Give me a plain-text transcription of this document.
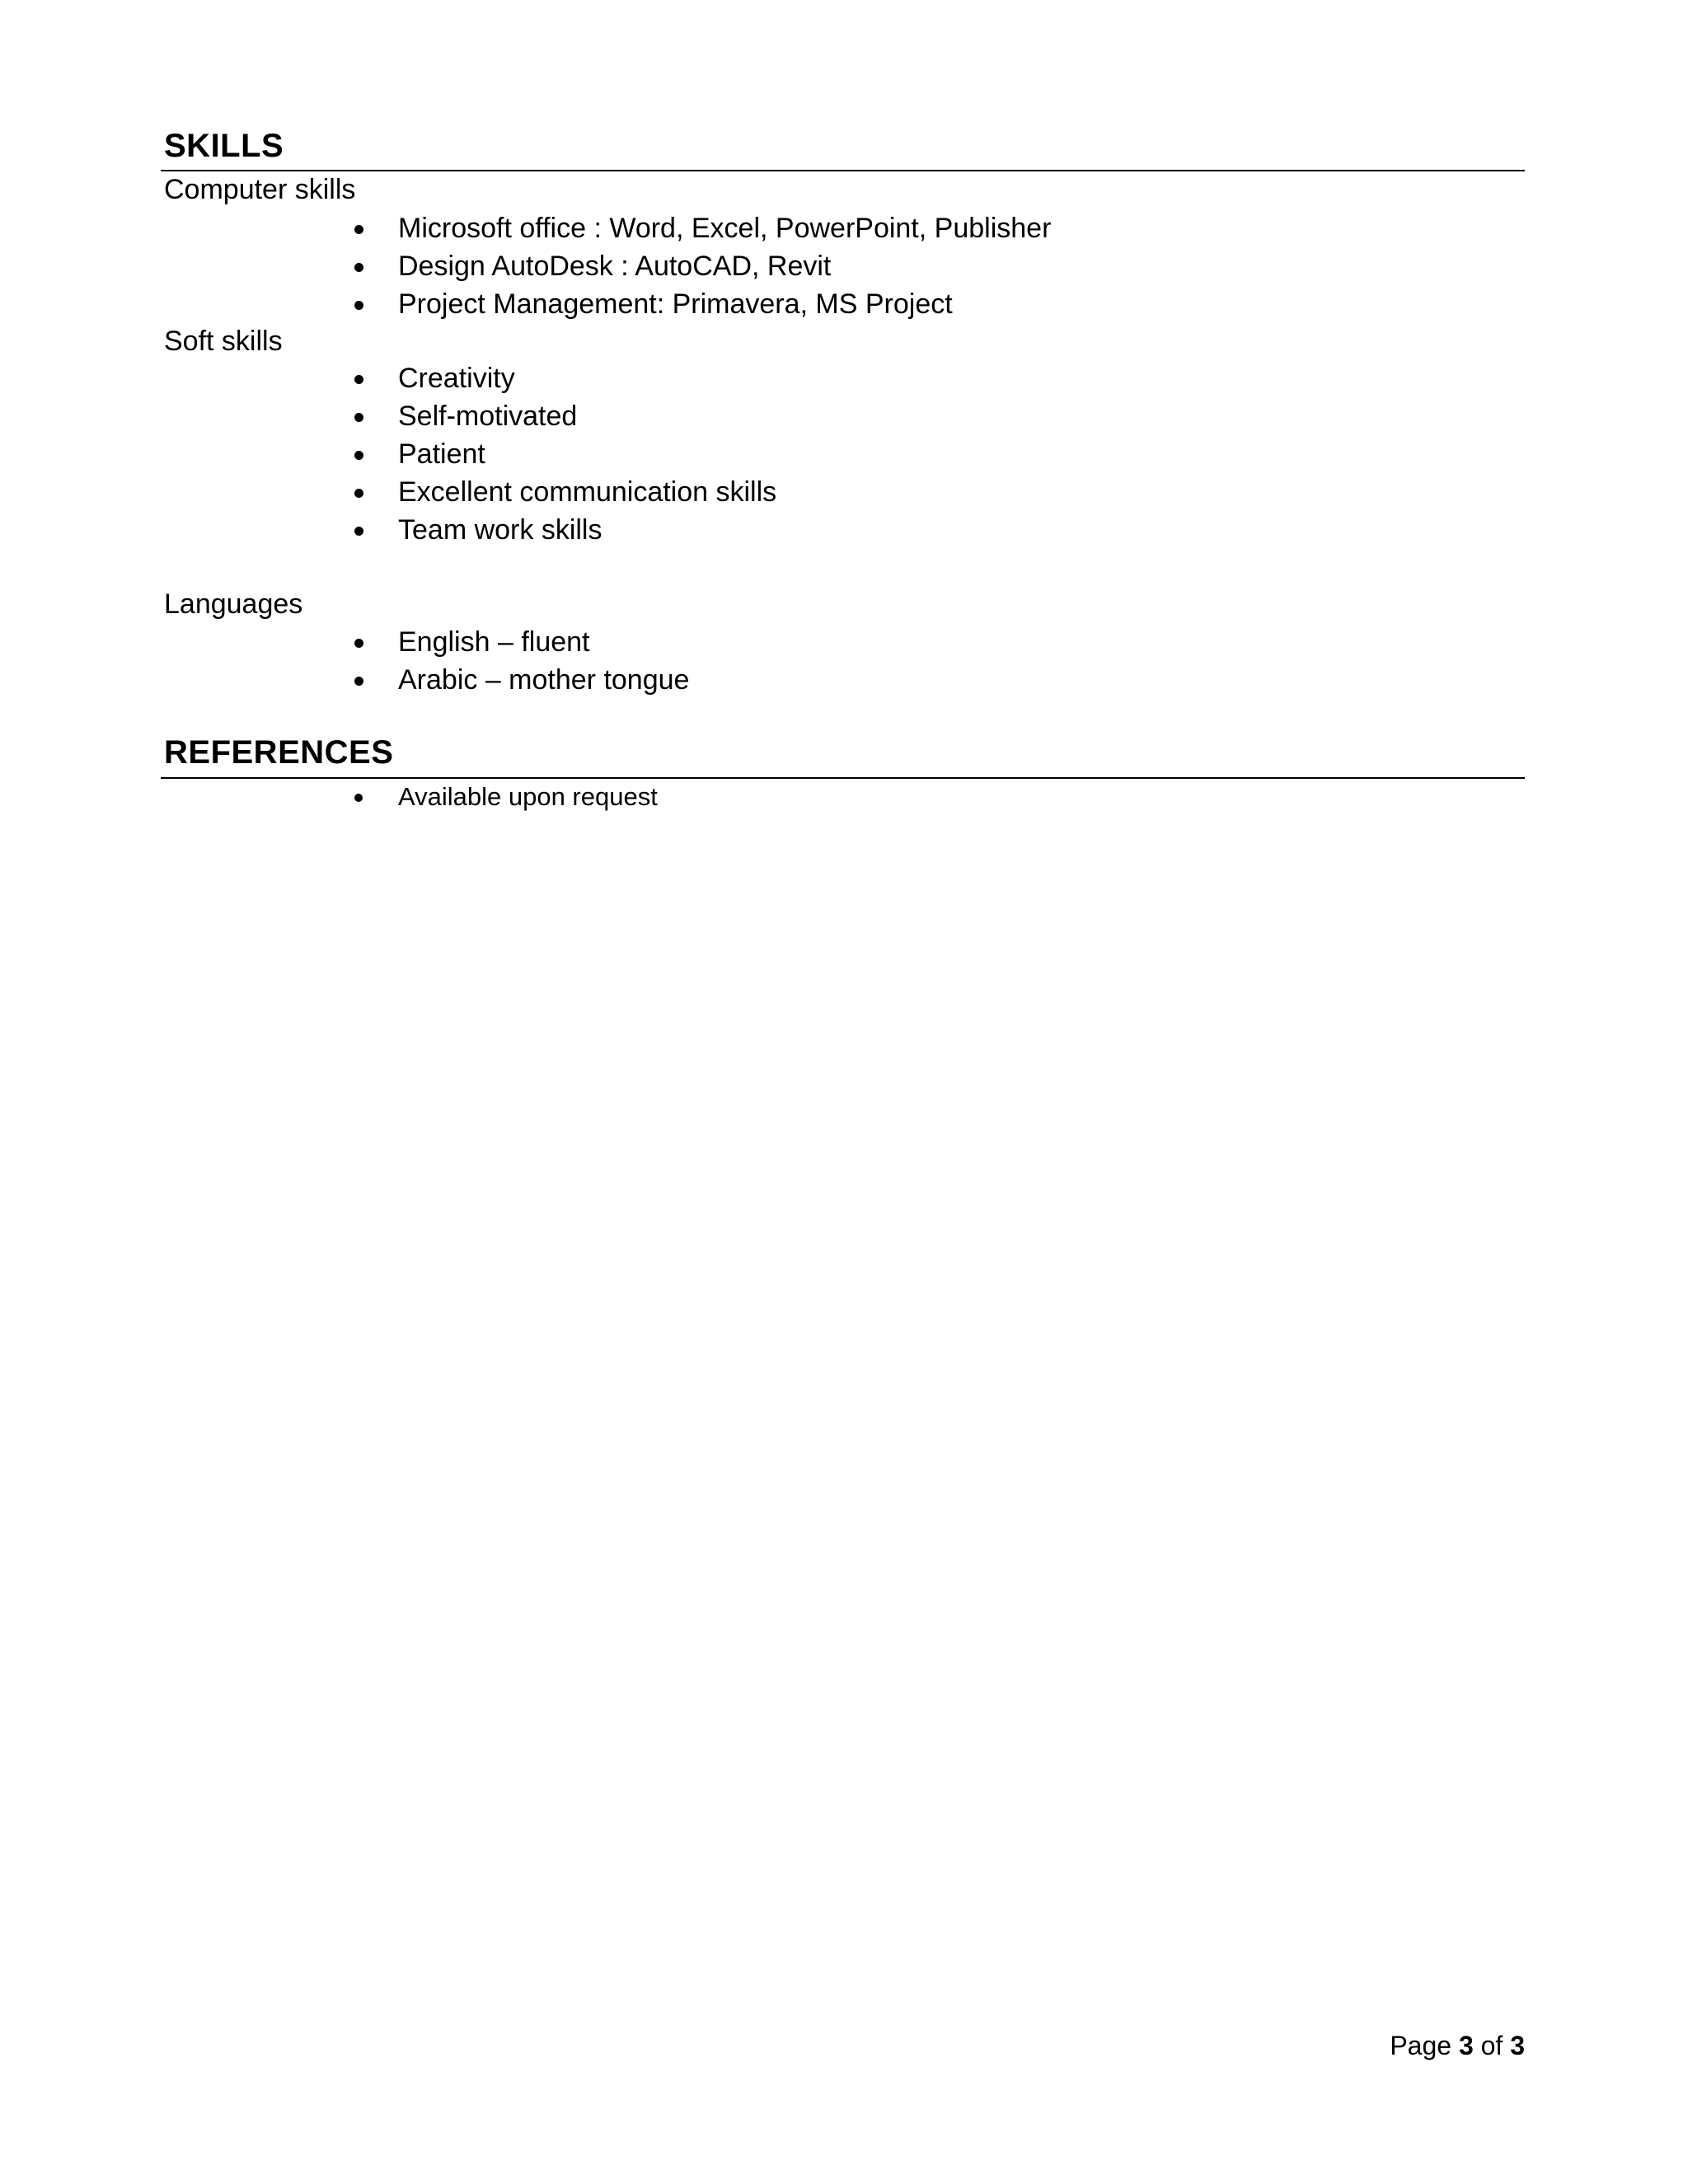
SKILLS
Computer skills
Microsoft office : Word, Excel, PowerPoint, Publisher
Design AutoDesk : AutoCAD, Revit
Project Management: Primavera, MS Project
Soft skills
Creativity
Self-motivated
Patient
Excellent communication skills
Team work skills
Languages
English – fluent
Arabic – mother tongue
REFERENCES
Available upon request
Page 3 of 3
